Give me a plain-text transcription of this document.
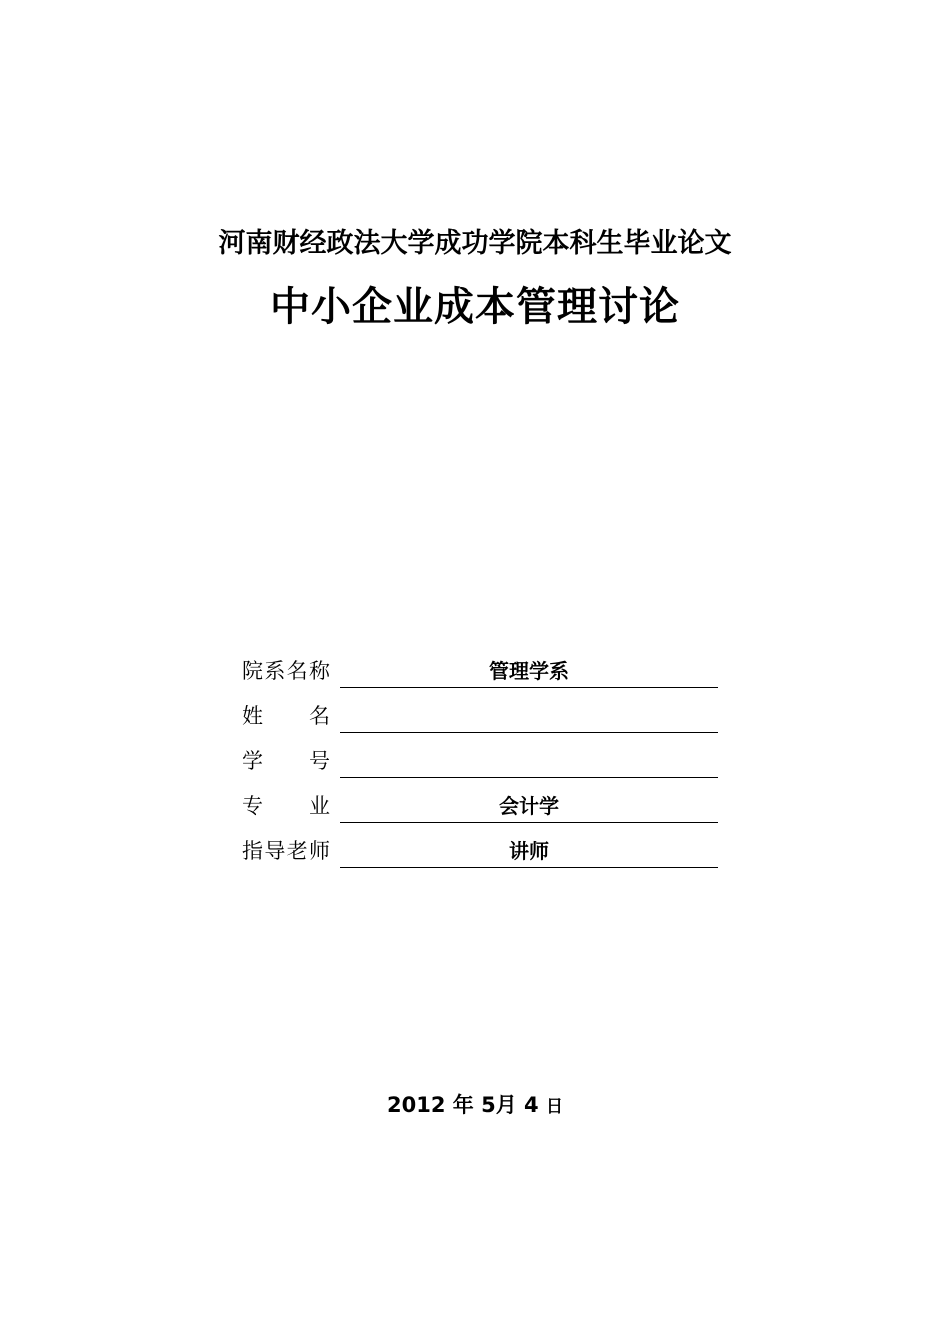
河南财经政法大学成功学院本科生毕业论文
中小企业成本管理讨论
院 系 名 称	管理学系
姓 名
学 号
专 业	会计学
指 导 老 师	讲师
2012 年 5月 4 日
